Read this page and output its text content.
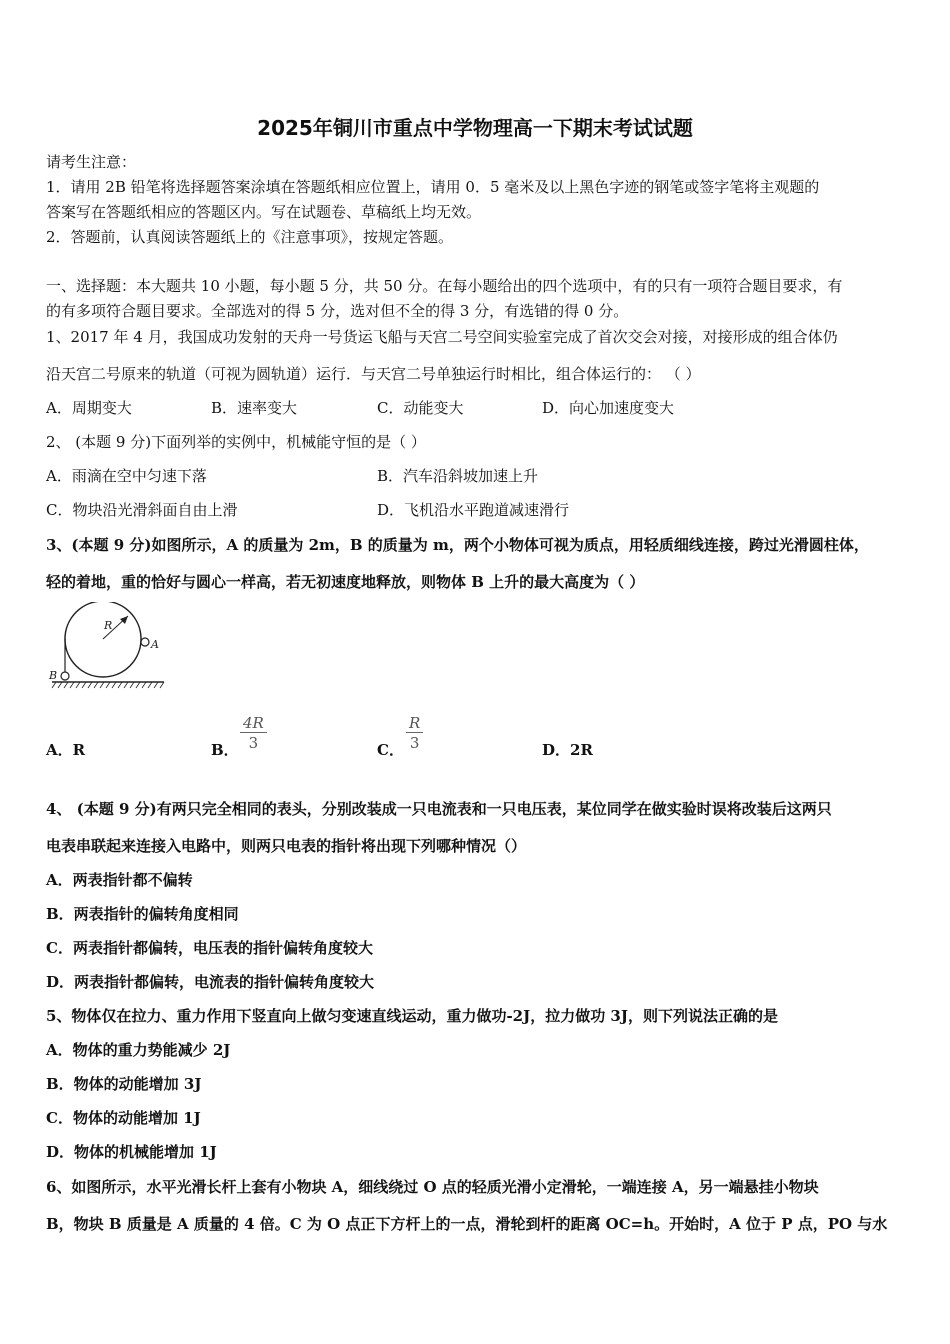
2025年铜川市重点中学物理高一下期末考试试题
请考生注意：
1．请用 2B 铅笔将选择题答案涂填在答题纸相应位置上，请用 0．5 毫米及以上黑色字迹的钢笔或签字笔将主观题的
答案写在答题纸相应的答题区内。写在试题卷、草稿纸上均无效。
2．答题前，认真阅读答题纸上的《注意事项》，按规定答题。
一、选择题：本大题共 10 小题，每小题 5 分，共 50 分。在每小题给出的四个选项中，有的只有一项符合题目要求，有
的有多项符合题目要求。全部选对的得 5 分，选对但不全的得 3 分，有选错的得 0 分。
1、2017 年 4 月，我国成功发射的天舟一号货运飞船与天宫二号空间实验室完成了首次交会对接，对接形成的组合体仍
沿天宫二号原来的轨道（可视为圆轨道）运行．与天宫二号单独运行时相比，组合体运行的： （ ）
A．周期变大	B．速率变大	C．动能变大	D．向心加速度变大
2、 (本题 9 分)下面列举的实例中，机械能守恒的是（ ）
A．雨滴在空中匀速下落	B．汽车沿斜坡加速上升
C．物块沿光滑斜面自由上滑	D．飞机沿水平跑道减速滑行
3、(本题 9 分)如图所示，A 的质量为 2m，B 的质量为 m，两个小物体可视为质点，用轻质细线连接，跨过光滑圆柱体，
轻的着地，重的恰好与圆心一样高，若无初速度地释放，则物体 B 上升的最大高度为（ ）
R
A
B
A．R	B． $\frac{4R}{3}$	C． $\frac{R}{3}$	D．2R
4、 (本题 9 分)有两只完全相同的表头，分别改装成一只电流表和一只电压表，某位同学在做实验时误将改装后这两只
电表串联起来连接入电路中，则两只电表的指针将出现下列哪种情况（）
A．两表指针都不偏转
B．两表指针的偏转角度相同
C．两表指针都偏转，电压表的指针偏转角度较大
D．两表指针都偏转，电流表的指针偏转角度较大
5、物体仅在拉力、重力作用下竖直向上做匀变速直线运动，重力做功-2J，拉力做功 3J，则下列说法正确的是
A．物体的重力势能减少 2J
B．物体的动能增加 3J
C．物体的动能增加 1J
D．物体的机械能增加 1J
6、如图所示，水平光滑长杆上套有小物块 A，细线绕过 O 点的轻质光滑小定滑轮，一端连接 A，另一端悬挂小物块
B，物块 B 质量是 A 质量的 4 倍。C 为 O 点正下方杆上的一点，滑轮到杆的距离 OC=h。开始时，A 位于 P 点，PO 与水
